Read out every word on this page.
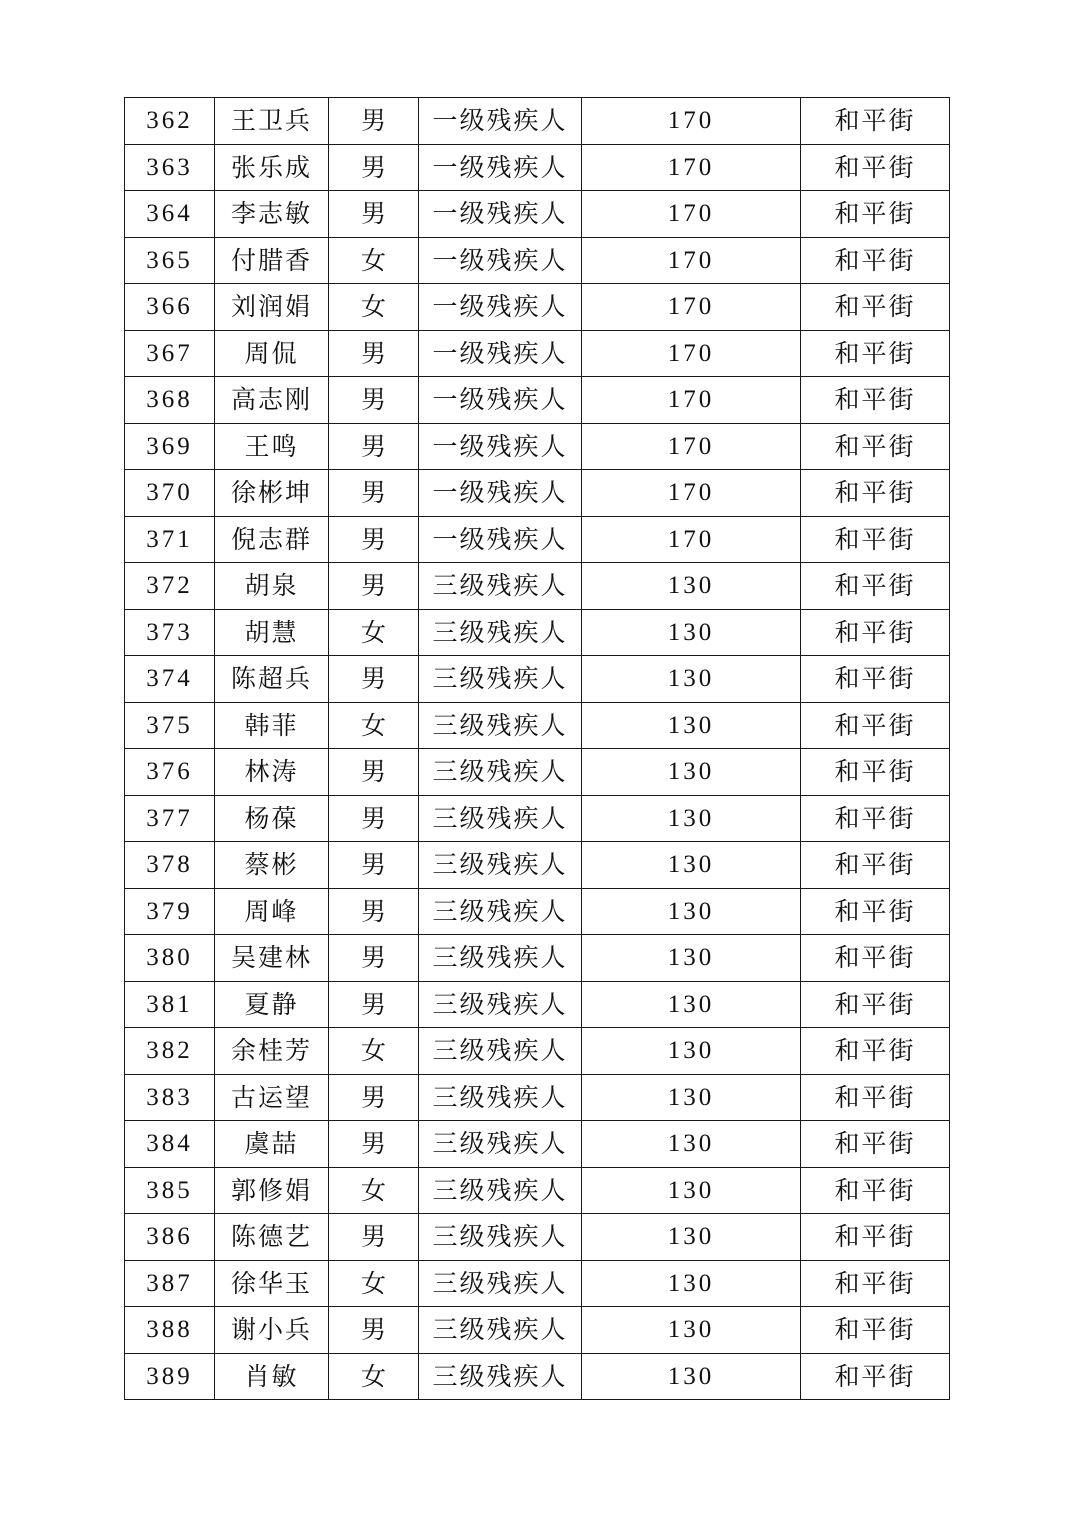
362	王卫兵	男	一级残疾人	170	和平街
363	张乐成	男	一级残疾人	170	和平街
364	李志敏	男	一级残疾人	170	和平街
365	付腊香	女	一级残疾人	170	和平街
366	刘润娟	女	一级残疾人	170	和平街
367	周侃	男	一级残疾人	170	和平街
368	高志刚	男	一级残疾人	170	和平街
369	王鸣	男	一级残疾人	170	和平街
370	徐彬坤	男	一级残疾人	170	和平街
371	倪志群	男	一级残疾人	170	和平街
372	胡泉	男	三级残疾人	130	和平街
373	胡慧	女	三级残疾人	130	和平街
374	陈超兵	男	三级残疾人	130	和平街
375	韩菲	女	三级残疾人	130	和平街
376	林涛	男	三级残疾人	130	和平街
377	杨葆	男	三级残疾人	130	和平街
378	蔡彬	男	三级残疾人	130	和平街
379	周峰	男	三级残疾人	130	和平街
380	吴建林	男	三级残疾人	130	和平街
381	夏静	男	三级残疾人	130	和平街
382	余桂芳	女	三级残疾人	130	和平街
383	古运望	男	三级残疾人	130	和平街
384	虞喆	男	三级残疾人	130	和平街
385	郭修娟	女	三级残疾人	130	和平街
386	陈德艺	男	三级残疾人	130	和平街
387	徐华玉	女	三级残疾人	130	和平街
388	谢小兵	男	三级残疾人	130	和平街
389	肖敏	女	三级残疾人	130	和平街
